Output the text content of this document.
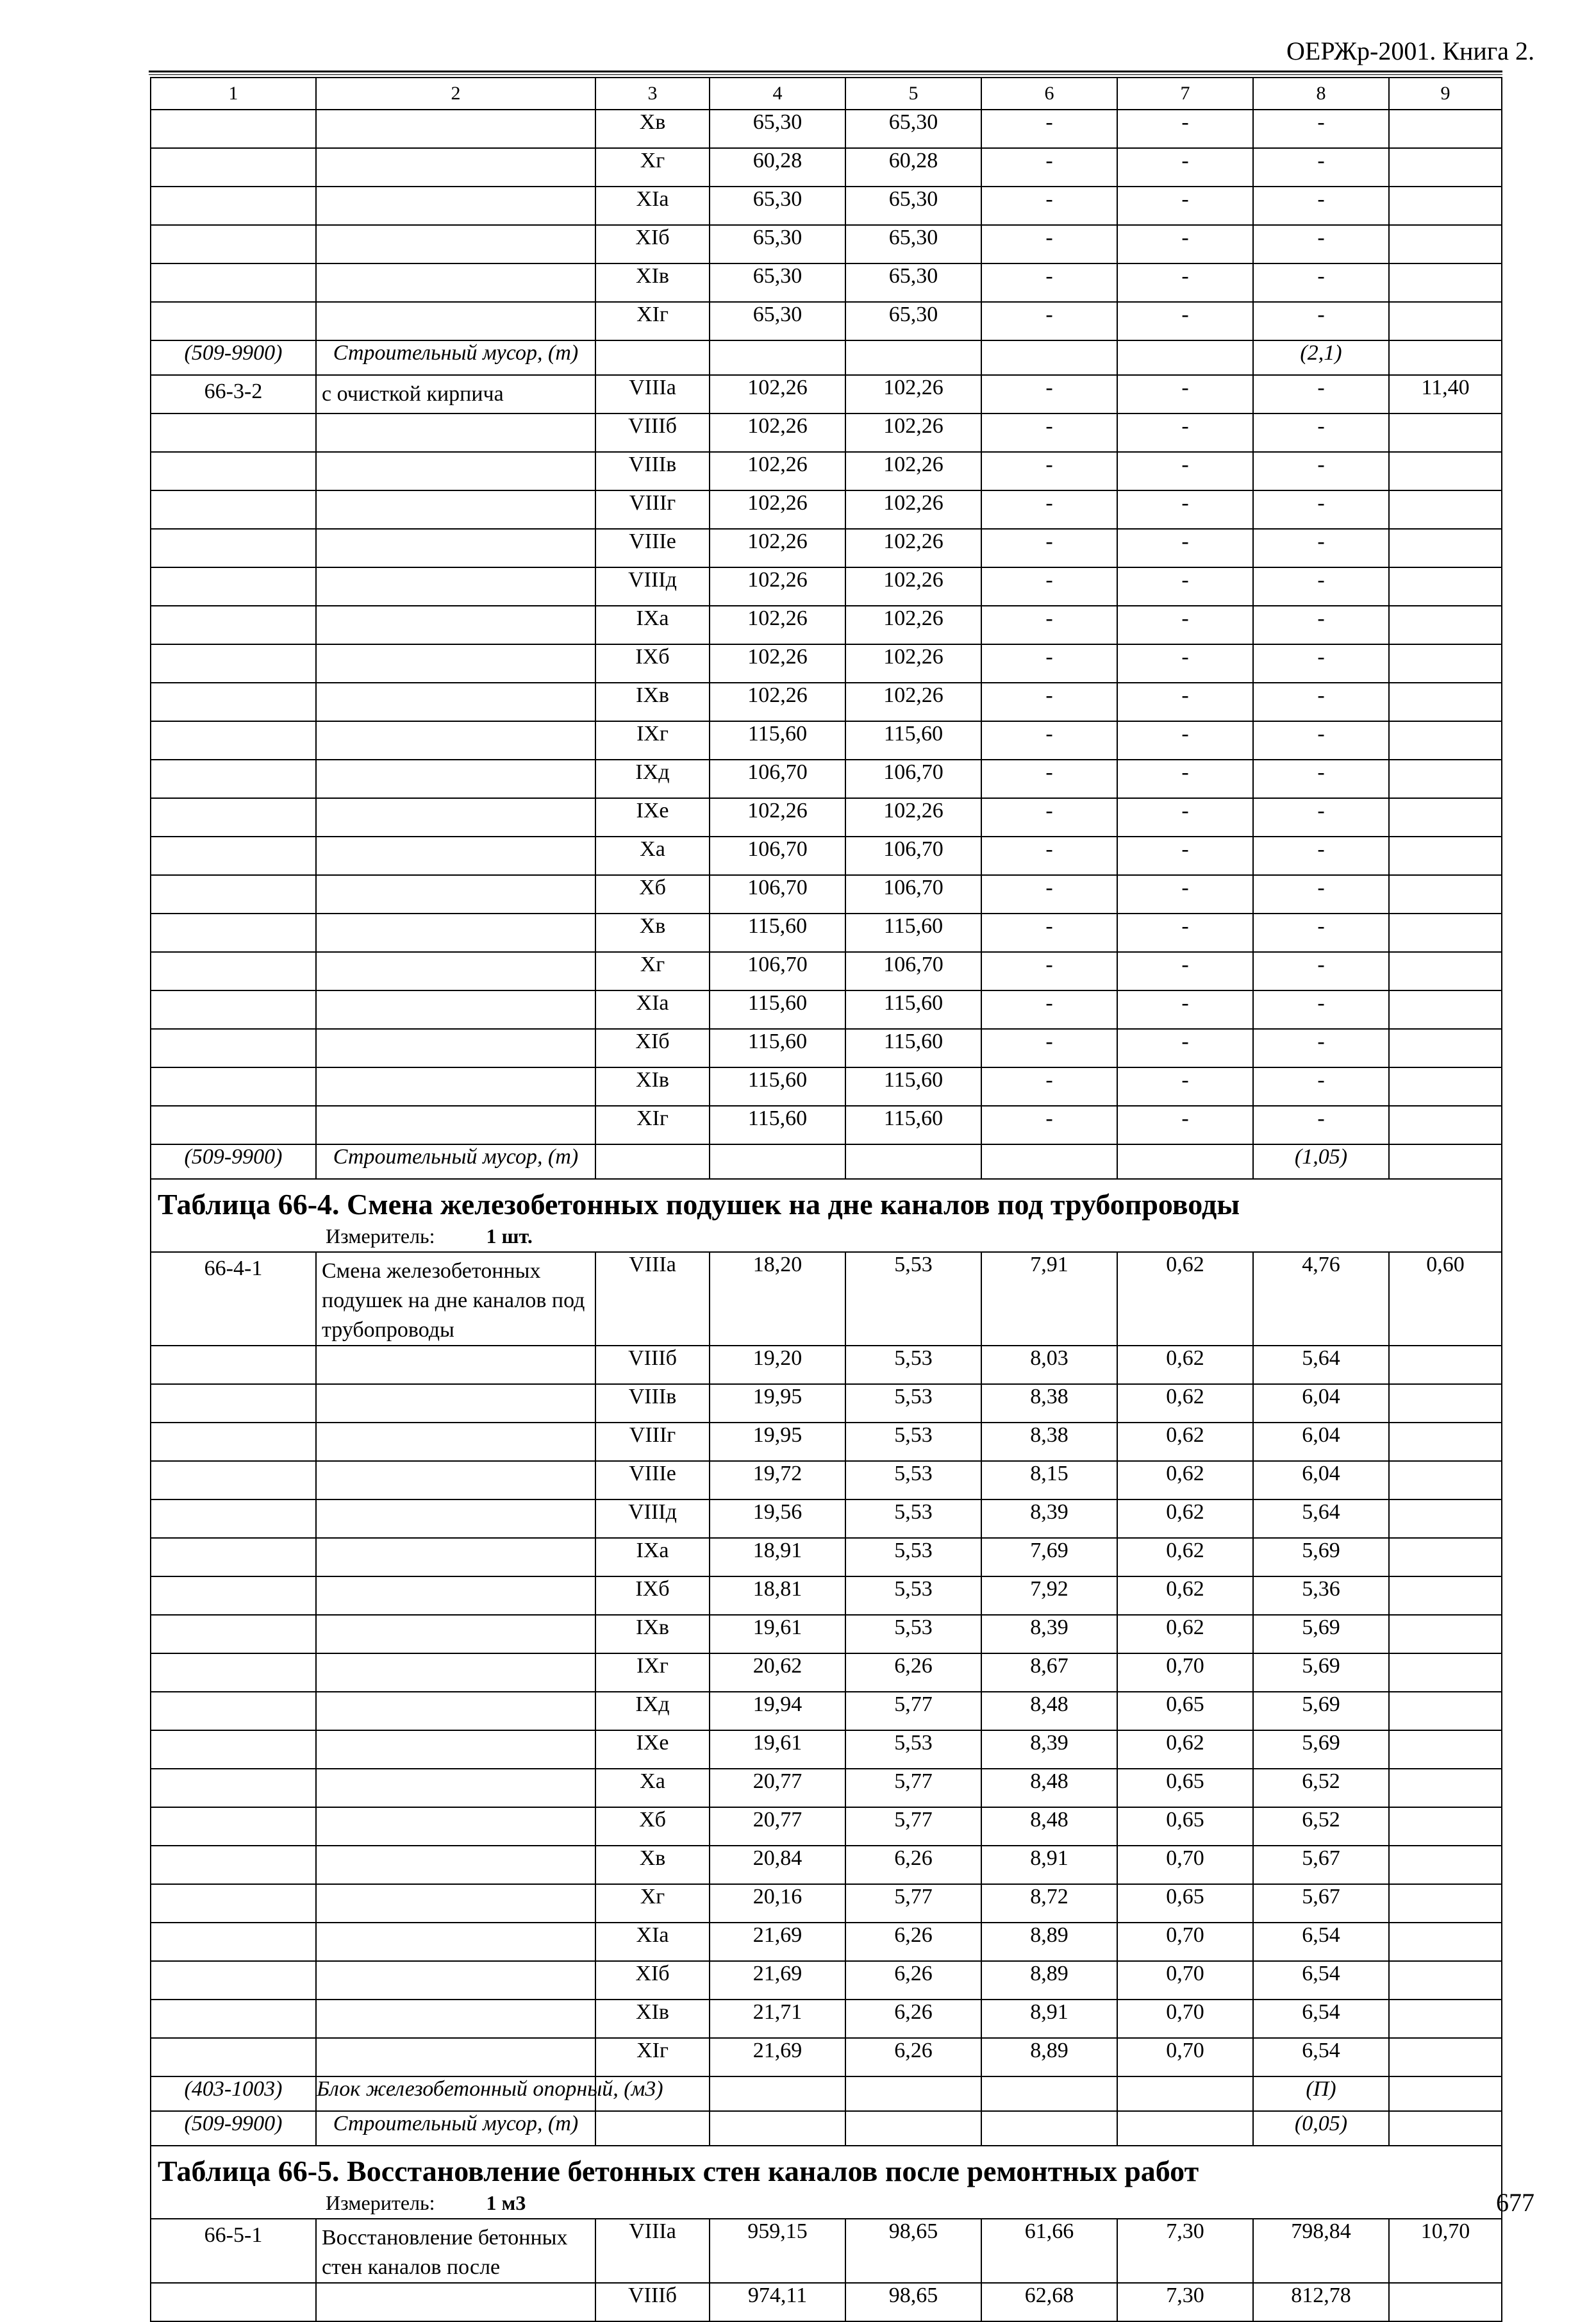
ОЕРЖр-2001. Книга 2.
1	2	3	4	5	6	7	8	9
		Xв	65,30	65,30	-	-	-	
		Xг	60,28	60,28	-	-	-	
		XIа	65,30	65,30	-	-	-	
		XIб	65,30	65,30	-	-	-	
		XIв	65,30	65,30	-	-	-	
		XIг	65,30	65,30	-	-	-	
(509-9900)	Строительный мусор, (т)						(2,1)	
66-3-2	с очисткой кирпича	VIIIа	102,26	102,26	-	-	-	11,40
		VIIIб	102,26	102,26	-	-	-	
		VIIIв	102,26	102,26	-	-	-	
		VIIIг	102,26	102,26	-	-	-	
		VIIIе	102,26	102,26	-	-	-	
		VIIIд	102,26	102,26	-	-	-	
		IXа	102,26	102,26	-	-	-	
		IXб	102,26	102,26	-	-	-	
		IXв	102,26	102,26	-	-	-	
		IXг	115,60	115,60	-	-	-	
		IXд	106,70	106,70	-	-	-	
		IXе	102,26	102,26	-	-	-	
		Xа	106,70	106,70	-	-	-	
		Xб	106,70	106,70	-	-	-	
		Xв	115,60	115,60	-	-	-	
		Xг	106,70	106,70	-	-	-	
		XIа	115,60	115,60	-	-	-	
		XIб	115,60	115,60	-	-	-	
		XIв	115,60	115,60	-	-	-	
		XIг	115,60	115,60	-	-	-	
(509-9900)	Строительный мусор, (т)						(1,05)	

Таблица 66-4. Смена железобетонных подушек на дне каналов под трубопроводы
Измеритель: 1 шт.								

66-4-1	Смена железобетонных подушек на дне каналов под трубопроводы	VIIIа	18,20	5,53	7,91	0,62	4,76	0,60
		VIIIб	19,20	5,53	8,03	0,62	5,64	
		VIIIв	19,95	5,53	8,38	0,62	6,04	
		VIIIг	19,95	5,53	8,38	0,62	6,04	
		VIIIе	19,72	5,53	8,15	0,62	6,04	
		VIIIд	19,56	5,53	8,39	0,62	5,64	
		IXа	18,91	5,53	7,69	0,62	5,69	
		IXб	18,81	5,53	7,92	0,62	5,36	
		IXв	19,61	5,53	8,39	0,62	5,69	
		IXг	20,62	6,26	8,67	0,70	5,69	
		IXд	19,94	5,77	8,48	0,65	5,69	
		IXе	19,61	5,53	8,39	0,62	5,69	
		Xа	20,77	5,77	8,48	0,65	6,52	
		Xб	20,77	5,77	8,48	0,65	6,52	
		Xв	20,84	6,26	8,91	0,70	5,67	
		Xг	20,16	5,77	8,72	0,65	5,67	
		XIа	21,69	6,26	8,89	0,70	6,54	
		XIб	21,69	6,26	8,89	0,70	6,54	
		XIв	21,71	6,26	8,91	0,70	6,54	
		XIг	21,69	6,26	8,89	0,70	6,54	
(403-1003)	Блок железобетонный опорный, (м3)						(П)	
(509-9900)	Строительный мусор, (т)						(0,05)	

Таблица 66-5. Восстановление бетонных стен каналов после ремонтных работ
Измеритель: 1 м3								

66-5-1	Восстановление бетонных стен каналов после	VIIIа	959,15	98,65	61,66	7,30	798,84	10,70
		VIIIб	974,11	98,65	62,68	7,30	812,78	
677
